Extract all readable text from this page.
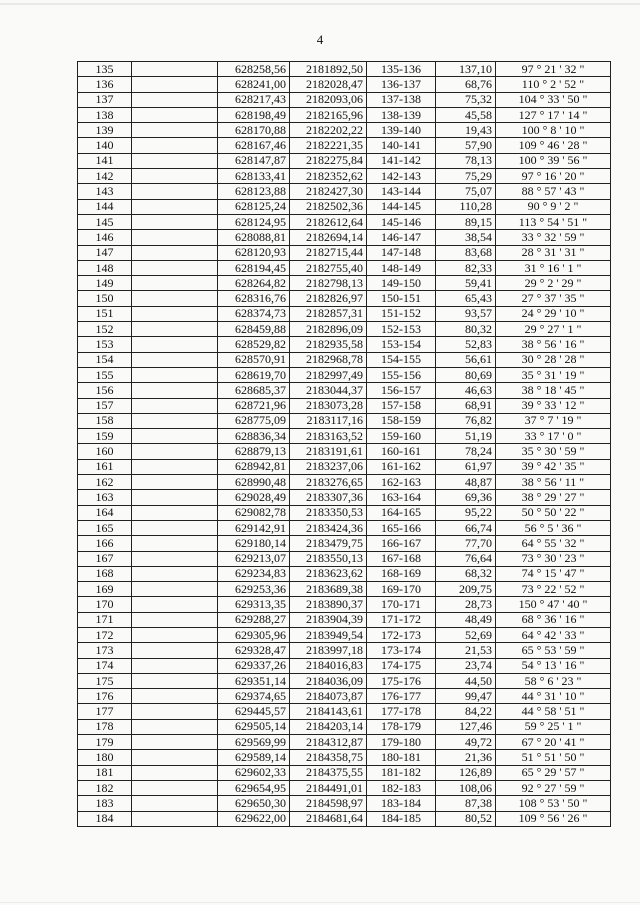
4
135		628258,56	2181892,50	135-136	137,10	97 ° 21 ' 32 "
136		628241,00	2182028,47	136-137	68,76	110 ° 2 ' 52 "
137		628217,43	2182093,06	137-138	75,32	104 ° 33 ' 50 "
138		628198,49	2182165,96	138-139	45,58	127 ° 17 ' 14 "
139		628170,88	2182202,22	139-140	19,43	100 ° 8 ' 10 "
140		628167,46	2182221,35	140-141	57,90	109 ° 46 ' 28 "
141		628147,87	2182275,84	141-142	78,13	100 ° 39 ' 56 "
142		628133,41	2182352,62	142-143	75,29	97 ° 16 ' 20 "
143		628123,88	2182427,30	143-144	75,07	88 ° 57 ' 43 "
144		628125,24	2182502,36	144-145	110,28	90 ° 9 ' 2 "
145		628124,95	2182612,64	145-146	89,15	113 ° 54 ' 51 "
146		628088,81	2182694,14	146-147	38,54	33 ° 32 ' 59 "
147		628120,93	2182715,44	147-148	83,68	28 ° 31 ' 31 "
148		628194,45	2182755,40	148-149	82,33	31 ° 16 ' 1 "
149		628264,82	2182798,13	149-150	59,41	29 ° 2 ' 29 "
150		628316,76	2182826,97	150-151	65,43	27 ° 37 ' 35 "
151		628374,73	2182857,31	151-152	93,57	24 ° 29 ' 10 "
152		628459,88	2182896,09	152-153	80,32	29 ° 27 ' 1 "
153		628529,82	2182935,58	153-154	52,83	38 ° 56 ' 16 "
154		628570,91	2182968,78	154-155	56,61	30 ° 28 ' 28 "
155		628619,70	2182997,49	155-156	80,69	35 ° 31 ' 19 "
156		628685,37	2183044,37	156-157	46,63	38 ° 18 ' 45 "
157		628721,96	2183073,28	157-158	68,91	39 ° 33 ' 12 "
158		628775,09	2183117,16	158-159	76,82	37 ° 7 ' 19 "
159		628836,34	2183163,52	159-160	51,19	33 ° 17 ' 0 "
160		628879,13	2183191,61	160-161	78,24	35 ° 30 ' 59 "
161		628942,81	2183237,06	161-162	61,97	39 ° 42 ' 35 "
162		628990,48	2183276,65	162-163	48,87	38 ° 56 ' 11 "
163		629028,49	2183307,36	163-164	69,36	38 ° 29 ' 27 "
164		629082,78	2183350,53	164-165	95,22	50 ° 50 ' 22 "
165		629142,91	2183424,36	165-166	66,74	56 ° 5 ' 36 "
166		629180,14	2183479,75	166-167	77,70	64 ° 55 ' 32 "
167		629213,07	2183550,13	167-168	76,64	73 ° 30 ' 23 "
168		629234,83	2183623,62	168-169	68,32	74 ° 15 ' 47 "
169		629253,36	2183689,38	169-170	209,75	73 ° 22 ' 52 "
170		629313,35	2183890,37	170-171	28,73	150 ° 47 ' 40 "
171		629288,27	2183904,39	171-172	48,49	68 ° 36 ' 16 "
172		629305,96	2183949,54	172-173	52,69	64 ° 42 ' 33 "
173		629328,47	2183997,18	173-174	21,53	65 ° 53 ' 59 "
174		629337,26	2184016,83	174-175	23,74	54 ° 13 ' 16 "
175		629351,14	2184036,09	175-176	44,50	58 ° 6 ' 23 "
176		629374,65	2184073,87	176-177	99,47	44 ° 31 ' 10 "
177		629445,57	2184143,61	177-178	84,22	44 ° 58 ' 51 "
178		629505,14	2184203,14	178-179	127,46	59 ° 25 ' 1 "
179		629569,99	2184312,87	179-180	49,72	67 ° 20 ' 41 "
180		629589,14	2184358,75	180-181	21,36	51 ° 51 ' 50 "
181		629602,33	2184375,55	181-182	126,89	65 ° 29 ' 57 "
182		629654,95	2184491,01	182-183	108,06	92 ° 27 ' 59 "
183		629650,30	2184598,97	183-184	87,38	108 ° 53 ' 50 "
184		629622,00	2184681,64	184-185	80,52	109 ° 56 ' 26 "
